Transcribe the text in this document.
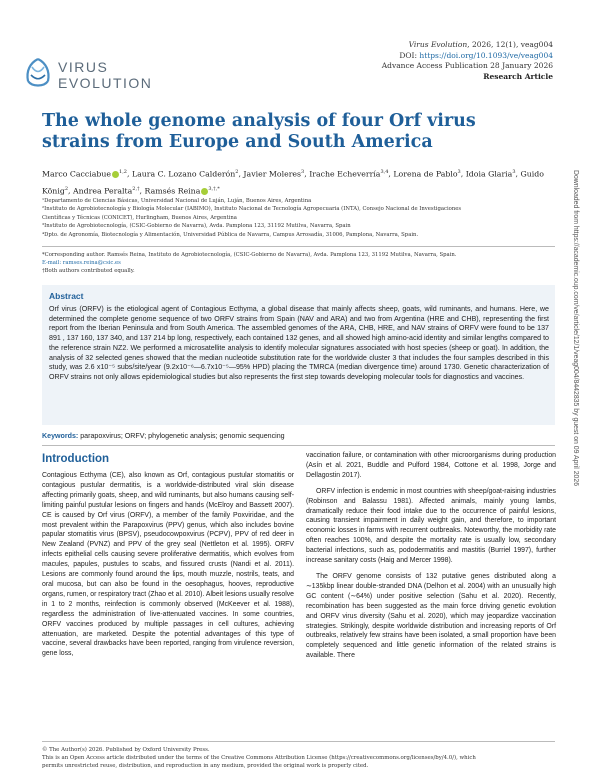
VIRUS
EVOLUTION
Virus Evolution, 2026, 12(1), veag004
DOI: https://doi.org/10.1093/ve/veag004
Advance Access Publication 28 January 2026
Research Article
The whole genome analysis of four Orf virus strains from Europe and South America
Marco Cacciabue $^{1,2}$, Laura C. Lozano Calderón$^2$, Javier Moleres$^3$, Irache Echeverría$^{3,4}$, Lorena de Pablo$^3$, Idoia Glaria$^3$, Guido König$^2$, Andrea Peralta$^{2,\dagger}$, Ramsés Reina $^{3,\dagger,*}$

¹Departamento de Ciencias Básicas, Universidad Nacional de Luján, Luján, Buenos Aires, Argentina

²Instituto de Agrobiotecnología y Biología Molecular (IABIMO), Instituto Nacional de Tecnología Agropecuaria (INTA), Consejo Nacional de Investigaciones

Científicas y Técnicas (CONICET), Hurlingham, Buenos Aires, Argentina

³Instituto de Agrobiotecnología, (CSIC-Gobierno de Navarra), Avda. Pamplona 123, 31192 Mutilva, Navarra, Spain

⁴Dpto. de Agronomía, Biotecnología y Alimentación, Universidad Pública de Navarra, Campus Arrosadía, 31006, Pamplona, Navarra, Spain.

*Corresponding author. Ramsés Reina, Instituto de Agrobiotecnología, (CSIC-Gobierno de Navarra), Avda. Pamplona 123, 31192 Mutilva, Navarra, Spain.

E-mail: ramses.reina@csic.es

†Both authors contributed equally.

Abstract
Orf virus (ORFV) is the etiological agent of Contagious Ecthyma, a global disease that mainly affects sheep, goats, wild ruminants, and humans. Here, we determined the complete genome sequence of two ORFV strains from Spain (NAV and ARA) and two from Argentina (HRE and CHB), representing the first report from the Iberian Peninsula and from South America. The assembled genomes of the ARA, CHB, HRE, and NAV strains of ORFV were found to be 137 891 , 137 160, 137 340, and 137 214 bp long, respectively, each contained 132 genes, and all showed high amino-acid identity and similar lengths compared to the reference strain NZ2. We performed a microsatellite analysis to identify molecular signatures associated with host species (sheep or goat). In addition, the analysis of 32 selected genes showed that the median nucleotide substitution rate for the worldwide cluster 3 that includes the four samples described in this study, was 2.6 x10⁻⁵ subs/site/year (9.2x10⁻⁶—6.7x10⁻⁵—95% HPD) placing the TMRCA (median divergence time) around 1730. Genetic characterization of ORFV strains not only allows epidemiological studies but also represents the first step towards developing molecular tools for diagnostics and vaccines.
Keywords: parapoxvirus; ORFV; phylogenetic analysis; genomic sequencing
Introduction

Contagious Ecthyma (CE), also known as Orf, contagious pustular stomatitis or contagious pustular dermatitis, is a worldwide-distributed viral skin disease affecting primarily goats, sheep, and wild ruminants, but also humans causing self-limiting painful pustular lesions on fingers and hands (McElroy and Bassett 2007). CE is caused by Orf virus (ORFV), a member of the family Poxviridae, and the most prevalent within the Parapoxvirus (PPV) genus, which also includes bovine papular stomatitis virus (BPSV), pseudocowpoxvirus (PCPV), PPV of red deer in New Zealand (PVNZ) and PPV of the grey seal (Nettleton et al. 1995). ORFV infects epithelial cells causing severe proliferative dermatitis, which evolves from macules, papules, pustules to scabs, and fissured crusts (Nandi et al. 2011). Lesions are commonly found around the lips, mouth muzzle, nostrils, teats, and oral mucosa, but can also be found in the oesophagus, hooves, reproductive organs, rumen, or respiratory tract (Zhao et al. 2010). Albeit lesions usually resolve in 1 to 2 months, reinfection is commonly observed (McKeever et al. 1988), regardless the administration of live-attenuated vaccines. In some countries, ORFV vaccines produced by multiple passages in cell cultures, achieving attenuation, are marketed. Despite the potential advantages of this type of vaccine, several drawbacks have been reported, ranging from virulence reversion, gene loss,

vaccination failure, or contamination with other microorganisms during production (Asín et al. 2021, Buddle and Pulford 1984, Cottone et al. 1998, Jorge and Dellagostin 2017).

ORFV infection is endemic in most countries with sheep/goat-raising industries (Robinson and Balassu 1981). Affected animals, mainly young lambs, dramatically reduce their food intake due to the occurrence of painful lesions, causing transient impairment in daily weight gain, and therefore, to important economic losses in farms with recurrent outbreaks. Noteworthy, the morbidity rate often reaches 100%, and despite the mortality rate is usually low, secondary bacterial infections, such as, pododermatitis and mastitis (Burriel 1997), further increase sanitary costs (Haig and Mercer 1998).

The ORFV genome consists of 132 putative genes distributed along a ∼135kbp linear double-stranded DNA (Delhon et al. 2004) with an unusually high GC content (∼64%) under positive selection (Sahu et al. 2020). Recently, recombination has been suggested as the main force driving genetic evolution and ORFV virus diversity (Sahu et al. 2020), which may jeopardize vaccination strategies. Strikingly, despite worldwide distribution and increasing reports of Orf outbreaks, relatively few strains have been isolated, a small proportion have been completely sequenced and little genetic information of the related strains is available. There

Downloaded from https://academic.oup.com/ve/article/12/1/veag004/8442835 by guest on 09 April 2026

© The Author(s) 2026. Published by Oxford University Press.

This is an Open Access article distributed under the terms of the Creative Commons Attribution License (https://creativecommons.org/licenses/by/4.0/), which

permits unrestricted reuse, distribution, and reproduction in any medium, provided the original work is properly cited.
